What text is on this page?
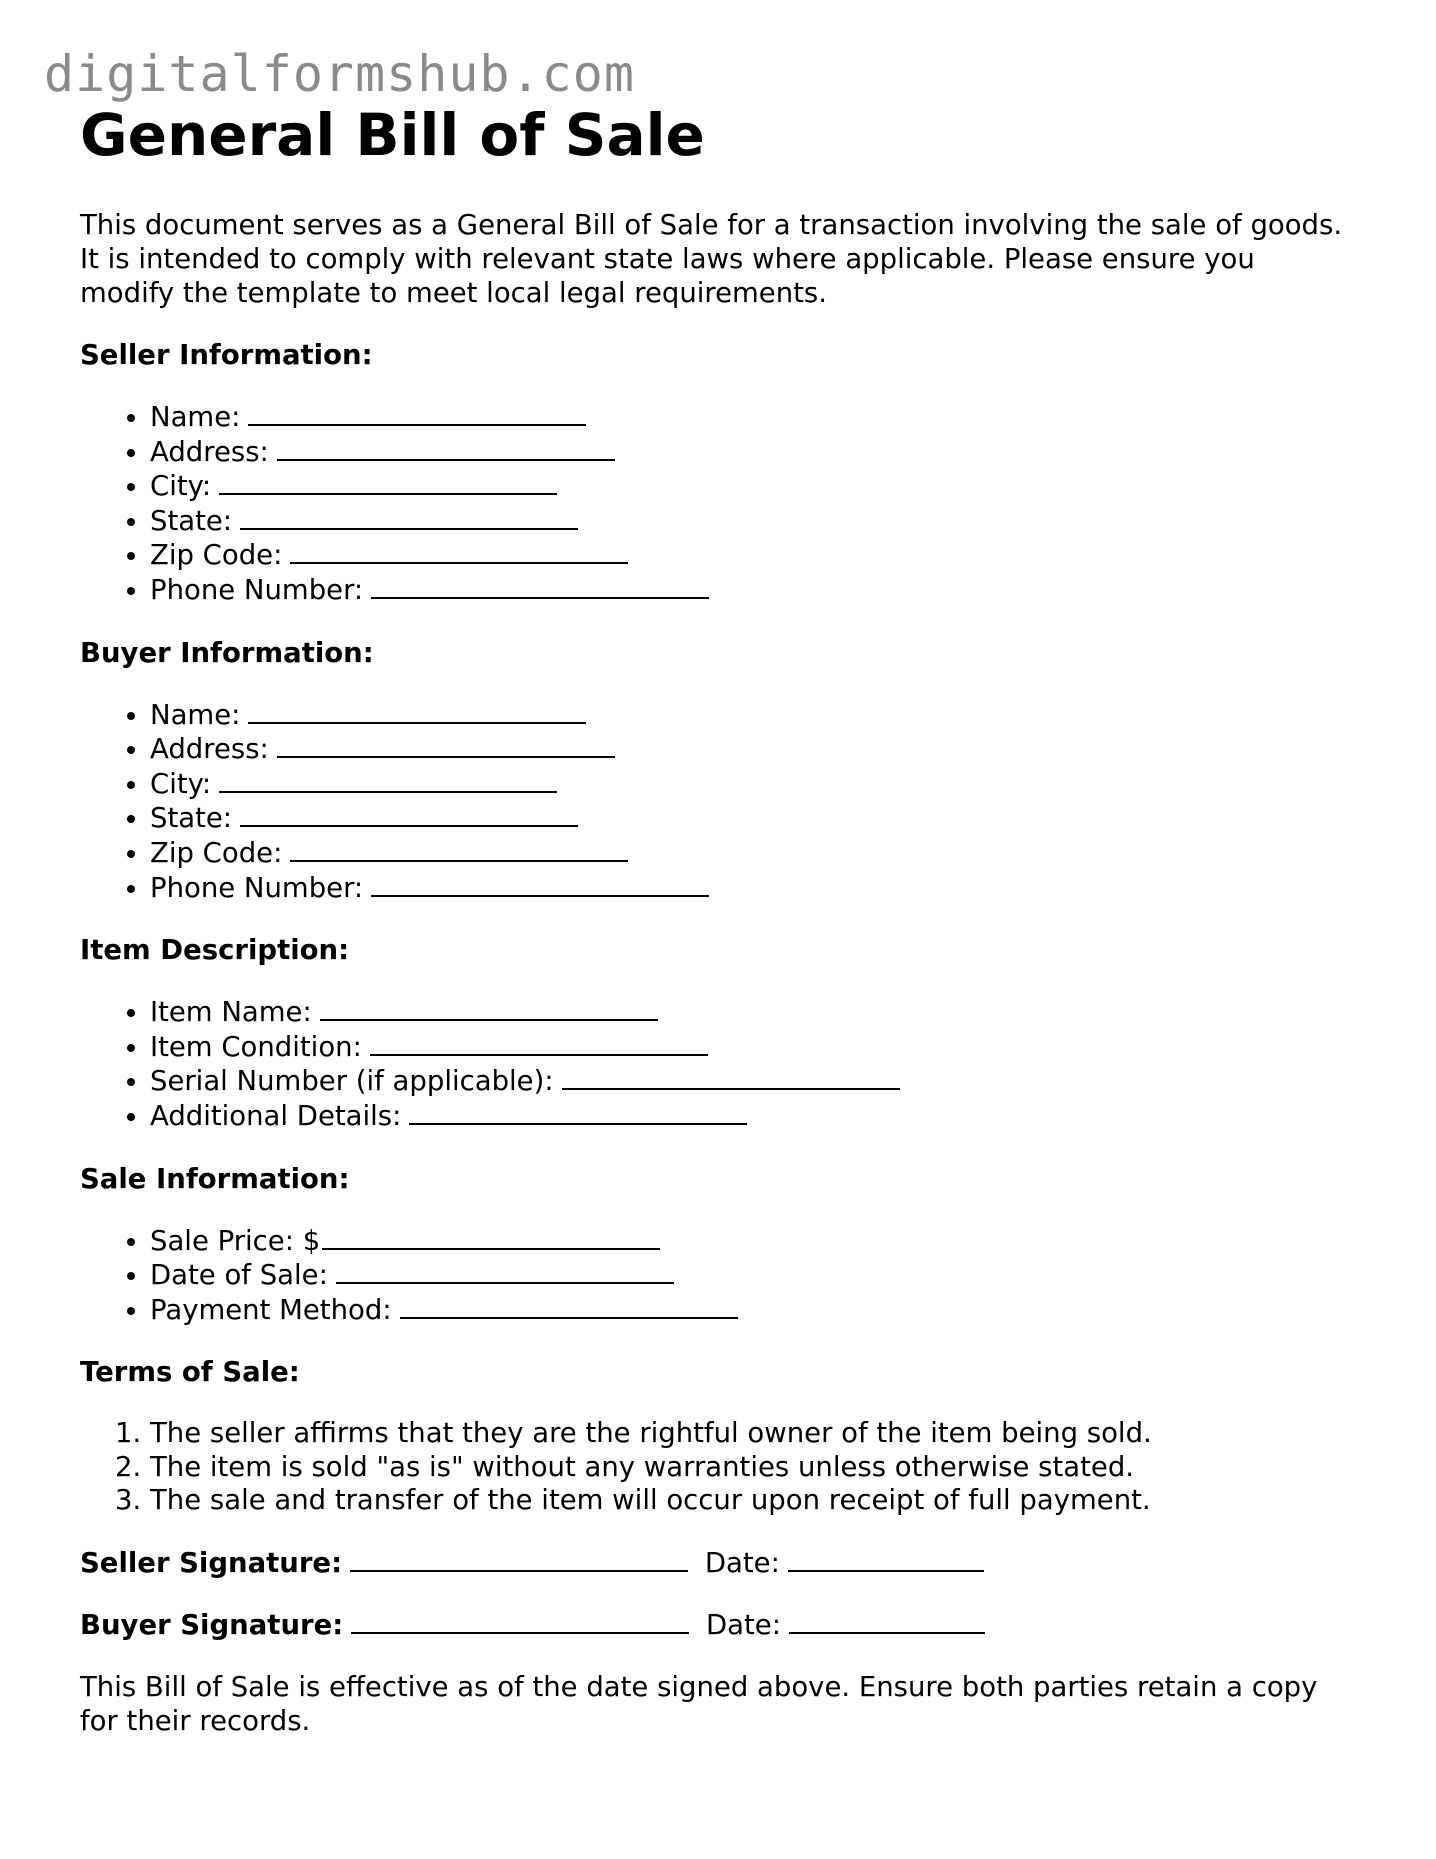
digitalformshub.com
General Bill of Sale

This document serves as a General Bill of Sale for a transaction involving the sale of goods. It is intended to comply with relevant state laws where applicable. Please ensure you modify the template to meet local legal requirements.

Seller Information:

• Name:
• Address:
• City:
• State:
• Zip Code:
• Phone Number:

Buyer Information:

• Name:
• Address:
• City:
• State:
• Zip Code:
• Phone Number:

Item Description:

• Item Name:
• Item Condition:
• Serial Number (if applicable):
• Additional Details:

Sale Information:

• Sale Price: $
• Date of Sale:
• Payment Method:

Terms of Sale:

1. The seller affirms that they are the rightful owner of the item being sold.
2. The item is sold "as is" without any warranties unless otherwise stated.
3. The sale and transfer of the item will occur upon receipt of full payment.

Seller Signature:	Date:

Buyer Signature:	Date:

This Bill of Sale is effective as of the date signed above. Ensure both parties retain a copy for their records.
